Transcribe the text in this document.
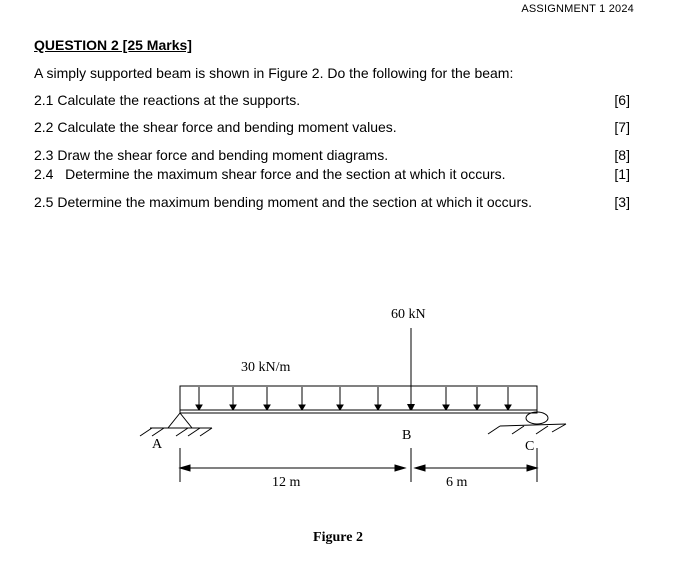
ASSIGNMENT 1 2024
QUESTION 2 [25 Marks]
A simply supported beam is shown in Figure 2. Do the following for the beam:
2.1 Calculate the reactions at the supports.	[6]
2.2 Calculate the shear force and bending moment values.	[7]
2.3 Draw the shear force and bending moment diagrams.	[8]
2.4   Determine the maximum shear force and the section at which it occurs.	[1]
2.5 Determine the maximum bending moment and the section at which it occurs.	[3]
60 kN
30 kN/m
A	C
B
12 m	6 m
Figure 2
